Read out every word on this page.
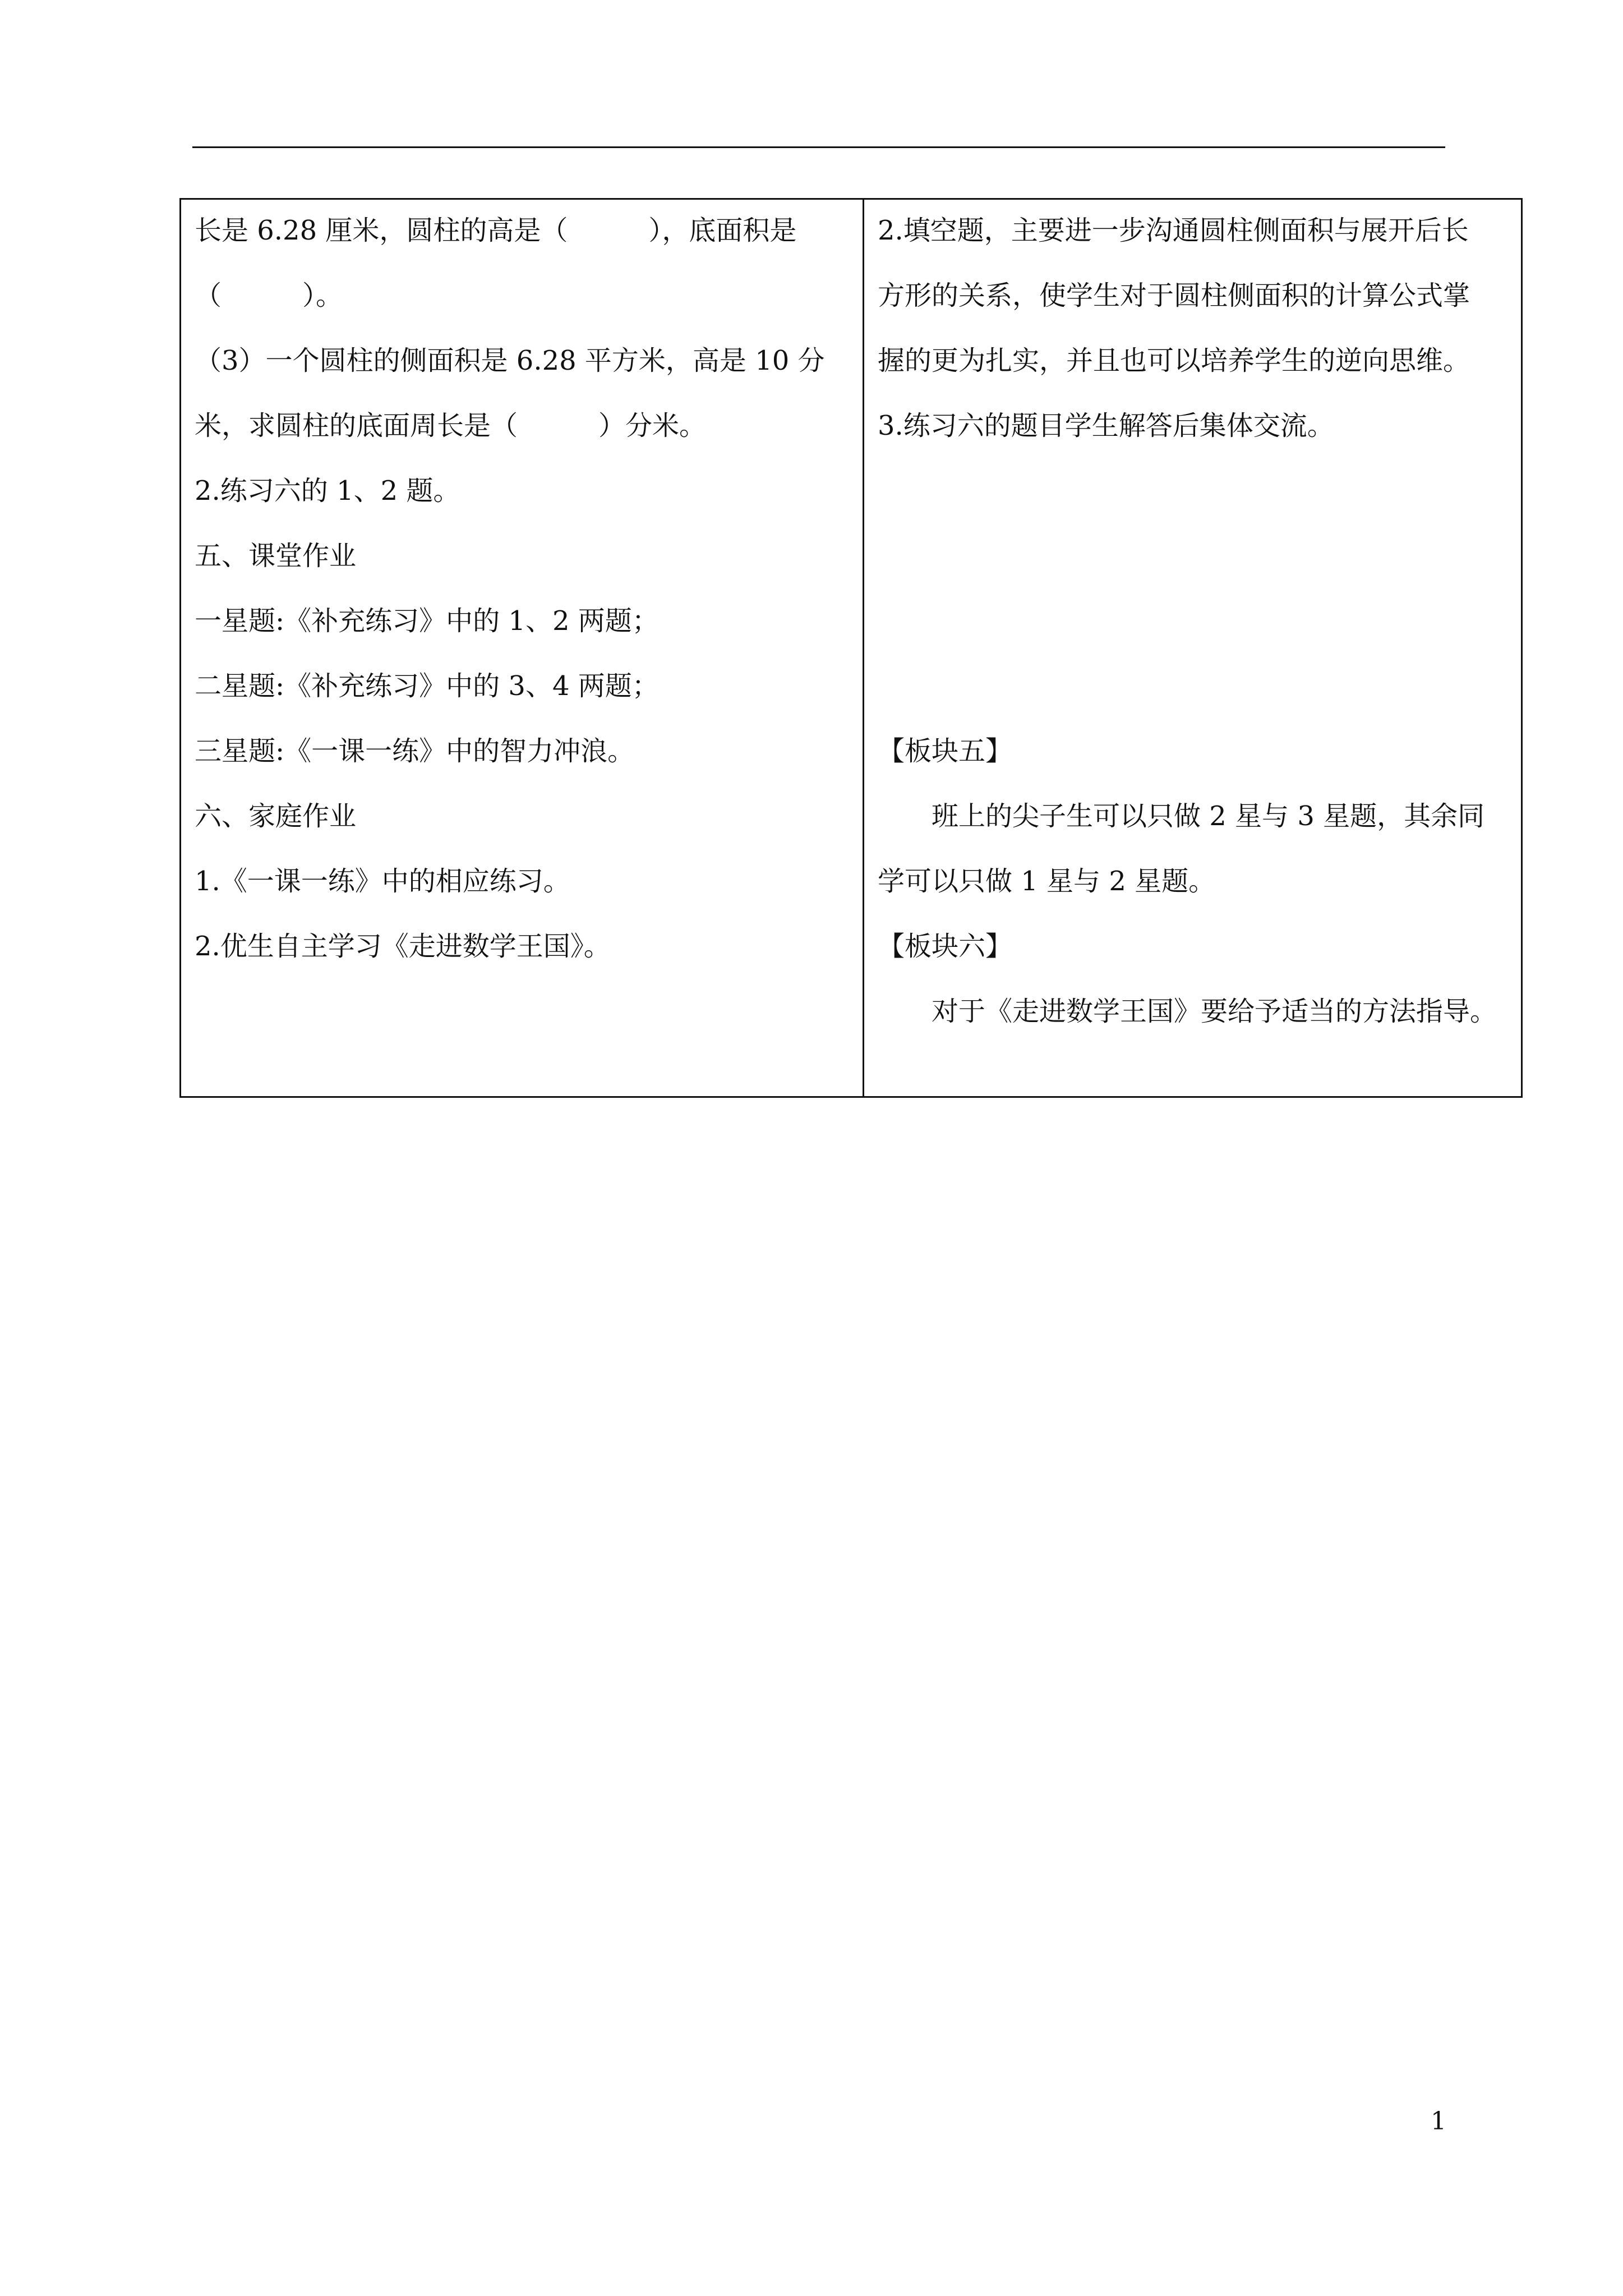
长是 6.28 厘米，圆柱的高是（　　　），底面积是
（　　　）。
（3）一个圆柱的侧面积是 6.28 平方米，高是 10 分
米，求圆柱的底面周长是（　　　）分米。
2.练习六的 1、2 题。
五、课堂作业
一星题:《补充练习》中的 1、2 两题；
二星题:《补充练习》中的 3、4 两题；
三星题:《一课一练》中的智力冲浪。
六、家庭作业
1.《一课一练》中的相应练习。
2.优生自主学习《走进数学王国》。
2.填空题，主要进一步沟通圆柱侧面积与展开后长
方形的关系，使学生对于圆柱侧面积的计算公式掌
握的更为扎实，并且也可以培养学生的逆向思维。
3.练习六的题目学生解答后集体交流。
【板块五】
班上的尖子生可以只做 2 星与 3 星题，其余同
学可以只做 1 星与 2 星题。
【板块六】
对于《走进数学王国》要给予适当的方法指导。
1
